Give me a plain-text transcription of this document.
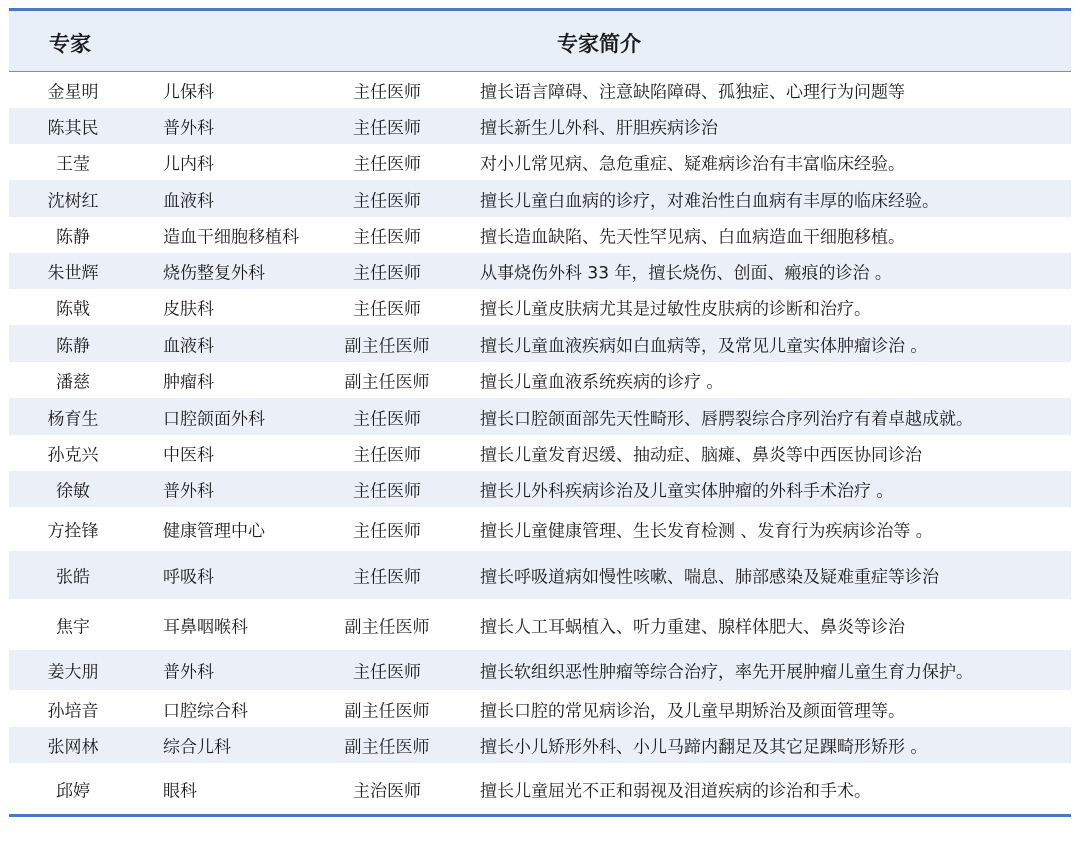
专家	专家简介
金星明	儿保科	主任医师	擅长语言障碍、注意缺陷障碍、孤独症、心理行为问题等
陈其民	普外科	主任医师	擅长新生儿外科、肝胆疾病诊治
王莹	儿内科	主任医师	对小儿常见病、急危重症、疑难病诊治有丰富临床经验。
沈树红	血液科	主任医师	擅长儿童白血病的诊疗，对难治性白血病有丰厚的临床经验。
陈静	造血干细胞移植科	主任医师	擅长造血缺陷、先天性罕见病、白血病造血干细胞移植。
朱世辉	烧伤整复外科	主任医师	从事烧伤外科 33 年，擅长烧伤、创面、瘢痕的诊治 。
陈戟	皮肤科	主任医师	擅长儿童皮肤病尤其是过敏性皮肤病的诊断和治疗。
陈静	血液科	副主任医师	擅长儿童血液疾病如白血病等，及常见儿童实体肿瘤诊治 。
潘慈	肿瘤科	副主任医师	擅长儿童血液系统疾病的诊疗 。
杨育生	口腔颌面外科	主任医师	擅长口腔颌面部先天性畸形、唇腭裂综合序列治疗有着卓越成就。
孙克兴	中医科	主任医师	擅长儿童发育迟缓、抽动症、脑瘫、鼻炎等中西医协同诊治
徐敏	普外科	主任医师	擅长儿外科疾病诊治及儿童实体肿瘤的外科手术治疗 。
方拴锋	健康管理中心	主任医师	擅长儿童健康管理、生长发育检测 、发育行为疾病诊治等 。
张皓	呼吸科	主任医师	擅长呼吸道病如慢性咳嗽、喘息、肺部感染及疑难重症等诊治
焦宇	耳鼻咽喉科	副主任医师	擅长人工耳蜗植入、听力重建、腺样体肥大、鼻炎等诊治
姜大朋	普外科	主任医师	擅长软组织恶性肿瘤等综合治疗，率先开展肿瘤儿童生育力保护。
孙培音	口腔综合科	副主任医师	擅长口腔的常见病诊治，及儿童早期矫治及颜面管理等。
张网林	综合儿科	副主任医师	擅长小儿矫形外科、小儿马蹄内翻足及其它足踝畸形矫形 。
邱婷	眼科	主治医师	擅长儿童屈光不正和弱视及泪道疾病的诊治和手术。
